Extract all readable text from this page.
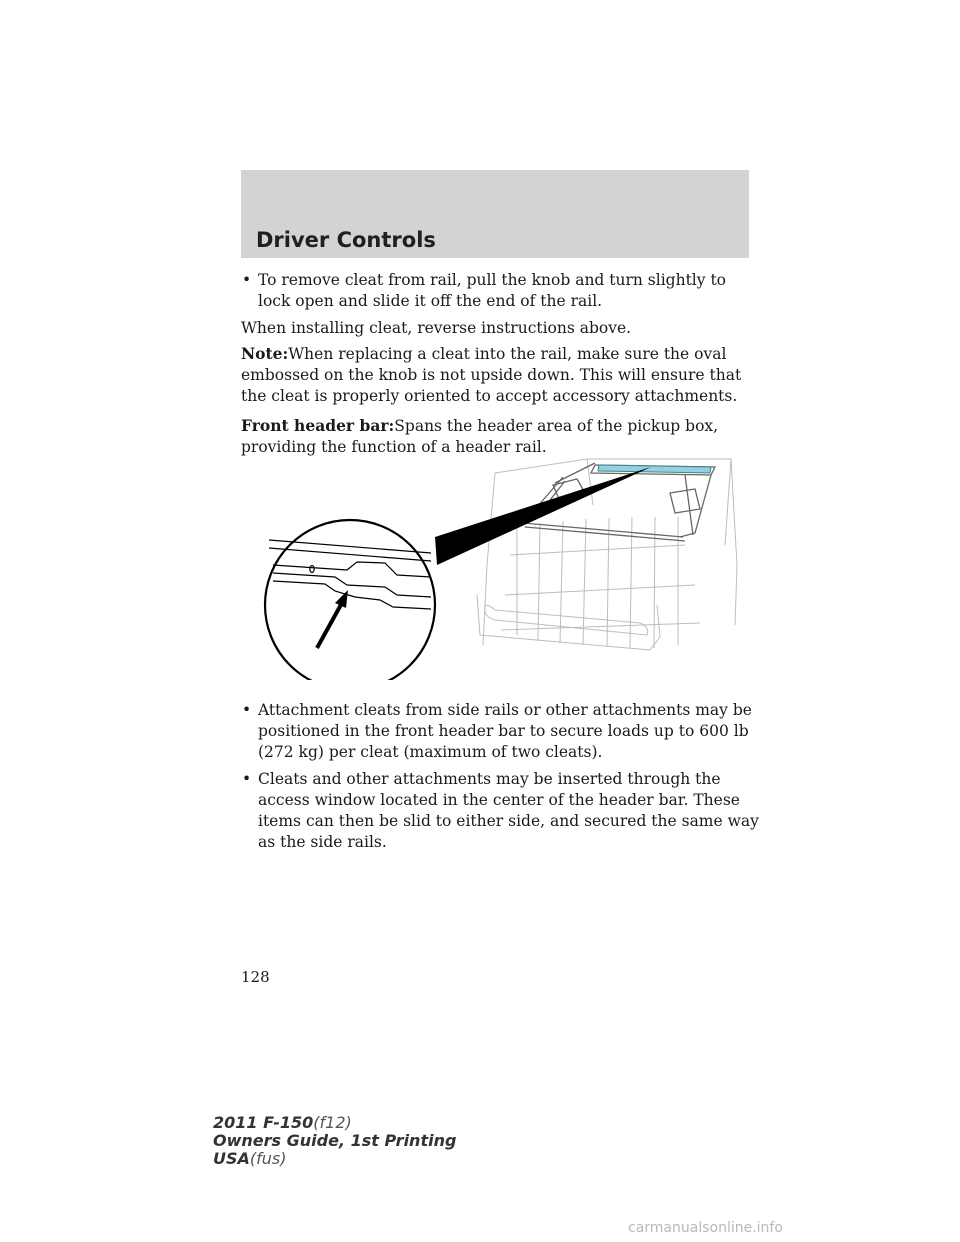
Driver Controls
• To remove cleat from rail, pull the knob and turn slightly to lock open and slide it off the end of the rail.
When installing cleat, reverse instructions above.
Note:When replacing a cleat into the rail, make sure the oval embossed on the knob is not upside down. This will ensure that the cleat is properly oriented to accept accessory attachments.
Front header bar:Spans the header area of the pickup box, providing the function of a header rail.
• Attachment cleats from side rails or other attachments may be positioned in the front header bar to secure loads up to 600 lb (272 kg) per cleat (maximum of two cleats).
• Cleats and other attachments may be inserted through the access window located in the center of the header bar. These items can then be slid to either side, and secured the same way as the side rails.
128
2011 F-150(f12)
Owners Guide, 1st Printing
USA(fus)
carmanualsonline.info
